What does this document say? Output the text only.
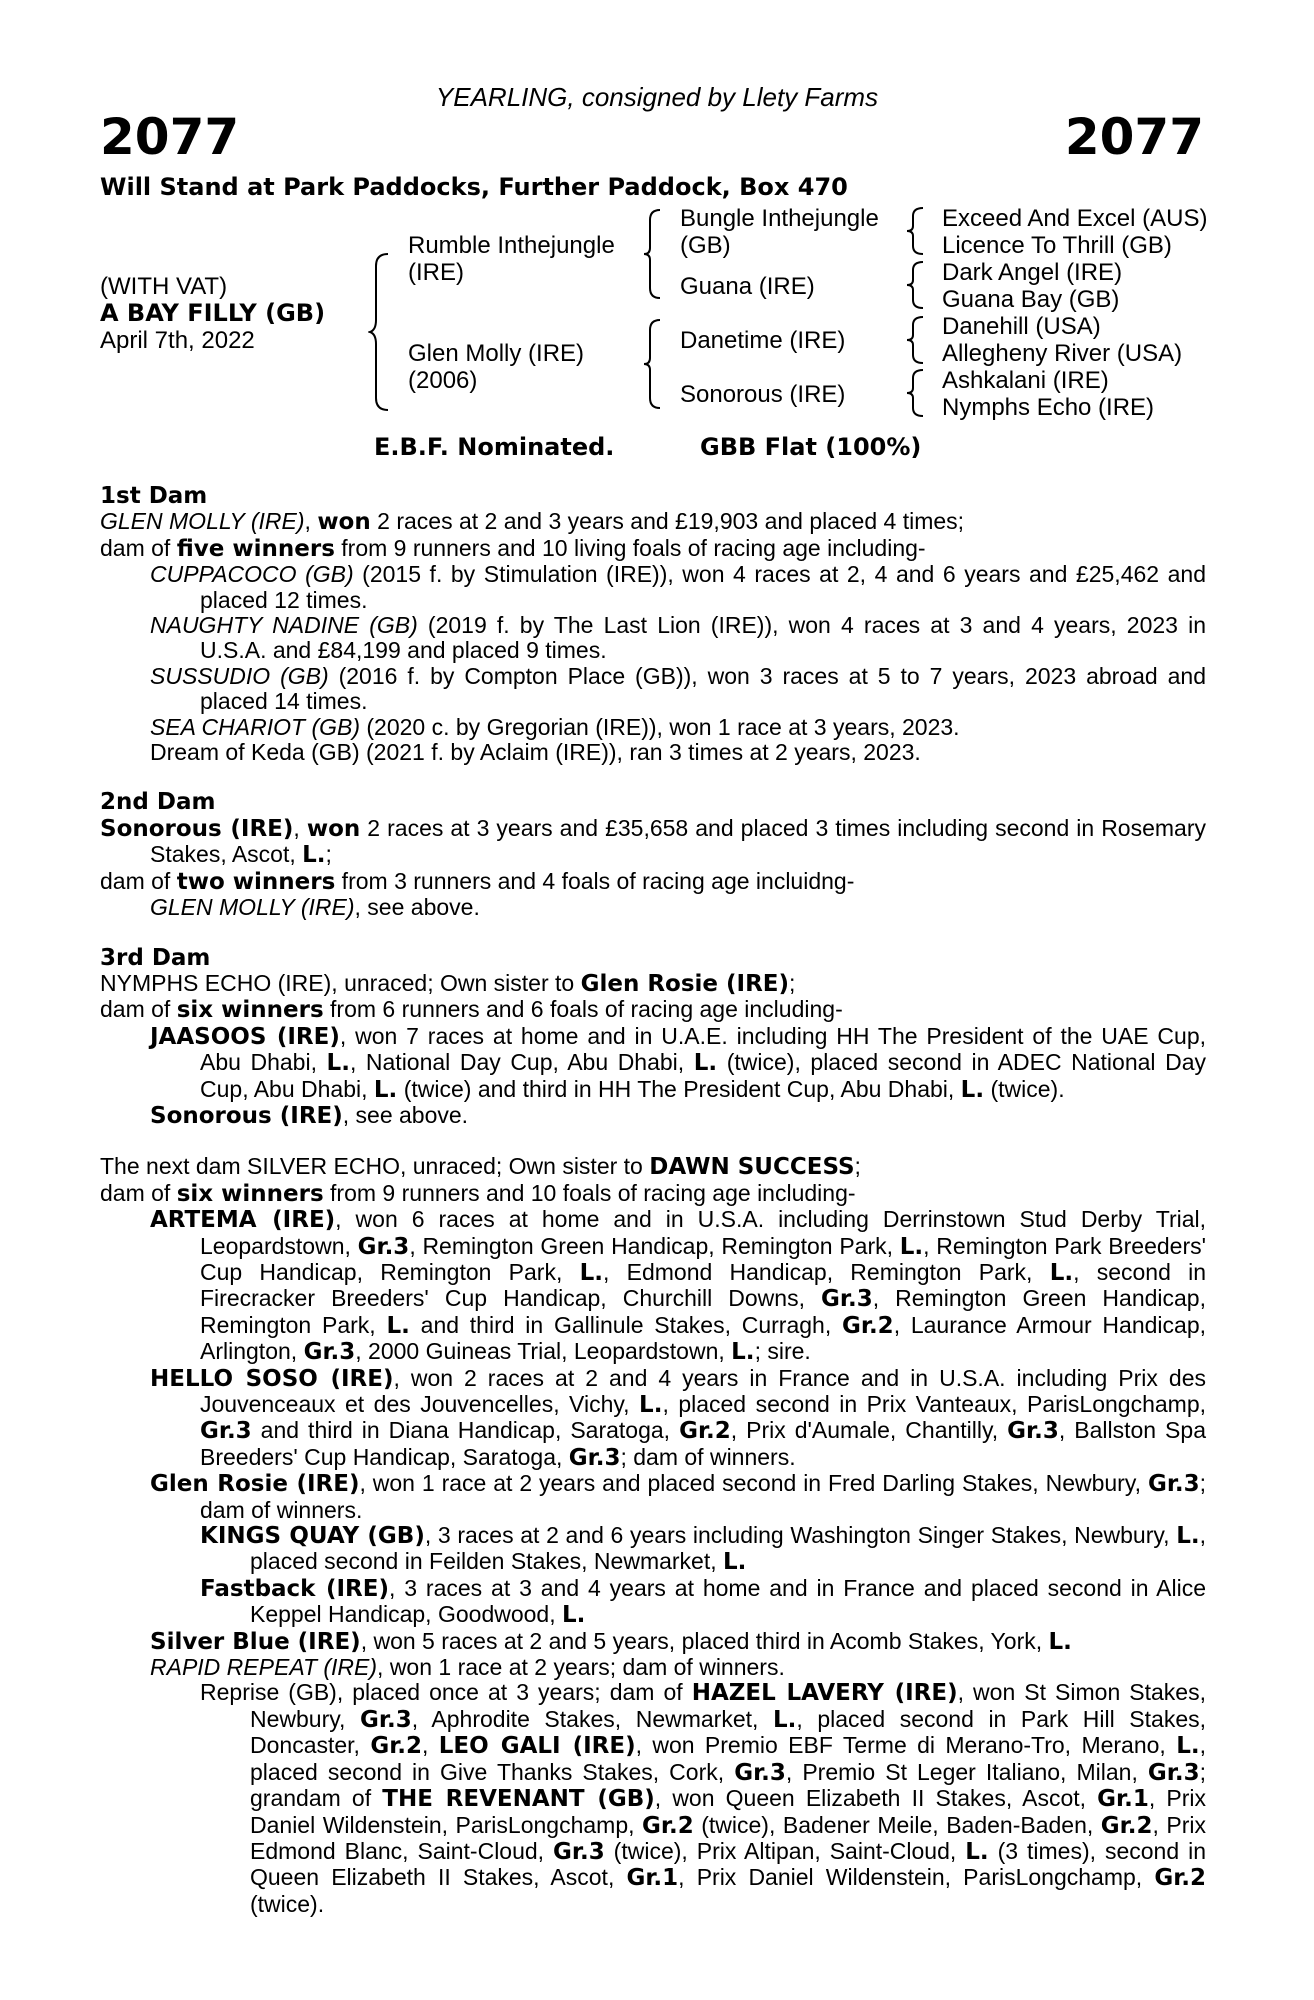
YEARLING, consigned by Llety Farms
2077	2077
Will Stand at Park Paddocks, Further Paddock, Box 470
(WITH VAT)
A BAY FILLY (GB)
April 7th, 2022
Rumble Inthejungle
(IRE)
Glen Molly (IRE)
(2006)
Bungle Inthejungle
(GB)
Guana (IRE)
Danetime (IRE)
Sonorous (IRE)
Exceed And Excel (AUS)
Licence To Thrill (GB)
Dark Angel (IRE)
Guana Bay (GB)
Danehill (USA)
Allegheny River (USA)
Ashkalani (IRE)
Nymphs Echo (IRE)
E.B.F. Nominated.	GBB Flat (100%)
1st Dam

GLEN MOLLY (IRE), won 2 races at 2 and 3 years and £19,903 and placed 4 times;

dam of five winners from 9 runners and 10 living foals of racing age including-

CUPPACOCO (GB) (2015 f. by Stimulation (IRE)), won 4 races at 2, 4 and 6 years and £25,462 and placed 12 times.

NAUGHTY NADINE (GB) (2019 f. by The Last Lion (IRE)), won 4 races at 3 and 4 years, 2023 in U.S.A. and £84,199 and placed 9 times.

SUSSUDIO (GB) (2016 f. by Compton Place (GB)), won 3 races at 5 to 7 years, 2023 abroad and placed 14 times.

SEA CHARIOT (GB) (2020 c. by Gregorian (IRE)), won 1 race at 3 years, 2023.

Dream of Keda (GB) (2021 f. by Aclaim (IRE)), ran 3 times at 2 years, 2023.

2nd Dam

Sonorous (IRE), won 2 races at 3 years and £35,658 and placed 3 times including second in Rosemary Stakes, Ascot, L.;

dam of two winners from 3 runners and 4 foals of racing age incluidng-

GLEN MOLLY (IRE), see above.

3rd Dam

NYMPHS ECHO (IRE), unraced; Own sister to Glen Rosie (IRE);

dam of six winners from 6 runners and 6 foals of racing age including-

JAASOOS (IRE), won 7 races at home and in U.A.E. including HH The President of the UAE Cup, Abu Dhabi, L., National Day Cup, Abu Dhabi, L. (twice), placed second in ADEC National Day Cup, Abu Dhabi, L. (twice) and third in HH The President Cup, Abu Dhabi, L. (twice).

Sonorous (IRE), see above.

The next dam SILVER ECHO, unraced; Own sister to DAWN SUCCESS;

dam of six winners from 9 runners and 10 foals of racing age including-

ARTEMA (IRE), won 6 races at home and in U.S.A. including Derrinstown Stud Derby Trial, Leopardstown, Gr.3, Remington Green Handicap, Remington Park, L., Remington Park Breeders' Cup Handicap, Remington Park, L., Edmond Handicap, Remington Park, L., second in Firecracker Breeders' Cup Handicap, Churchill Downs, Gr.3, Remington Green Handicap, Remington Park, L. and third in Gallinule Stakes, Curragh, Gr.2, Laurance Armour Handicap, Arlington, Gr.3, 2000 Guineas Trial, Leopardstown, L.; sire.

HELLO SOSO (IRE), won 2 races at 2 and 4 years in France and in U.S.A. including Prix des Jouvenceaux et des Jouvencelles, Vichy, L., placed second in Prix Vanteaux, ParisLongchamp, Gr.3 and third in Diana Handicap, Saratoga, Gr.2, Prix d'Aumale, Chantilly, Gr.3, Ballston Spa Breeders' Cup Handicap, Saratoga, Gr.3; dam of winners.

Glen Rosie (IRE), won 1 race at 2 years and placed second in Fred Darling Stakes, Newbury, Gr.3; dam of winners.

KINGS QUAY (GB), 3 races at 2 and 6 years including Washington Singer Stakes, Newbury, L., placed second in Feilden Stakes, Newmarket, L.

Fastback (IRE), 3 races at 3 and 4 years at home and in France and placed second in Alice Keppel Handicap, Goodwood, L.

Silver Blue (IRE), won 5 races at 2 and 5 years, placed third in Acomb Stakes, York, L.

RAPID REPEAT (IRE), won 1 race at 2 years; dam of winners.

Reprise (GB), placed once at 3 years; dam of HAZEL LAVERY (IRE), won St Simon Stakes, Newbury, Gr.3, Aphrodite Stakes, Newmarket, L., placed second in Park Hill Stakes, Doncaster, Gr.2, LEO GALI (IRE), won Premio EBF Terme di Merano-Tro, Merano, L., placed second in Give Thanks Stakes, Cork, Gr.3, Premio St Leger Italiano, Milan, Gr.3; grandam of THE REVENANT (GB), won Queen Elizabeth II Stakes, Ascot, Gr.1, Prix Daniel Wildenstein, ParisLongchamp, Gr.2 (twice), Badener Meile, Baden-Baden, Gr.2, Prix Edmond Blanc, Saint-Cloud, Gr.3 (twice), Prix Altipan, Saint-Cloud, L. (3 times), second in Queen Elizabeth II Stakes, Ascot, Gr.1, Prix Daniel Wildenstein, ParisLongchamp, Gr.2 (twice).
